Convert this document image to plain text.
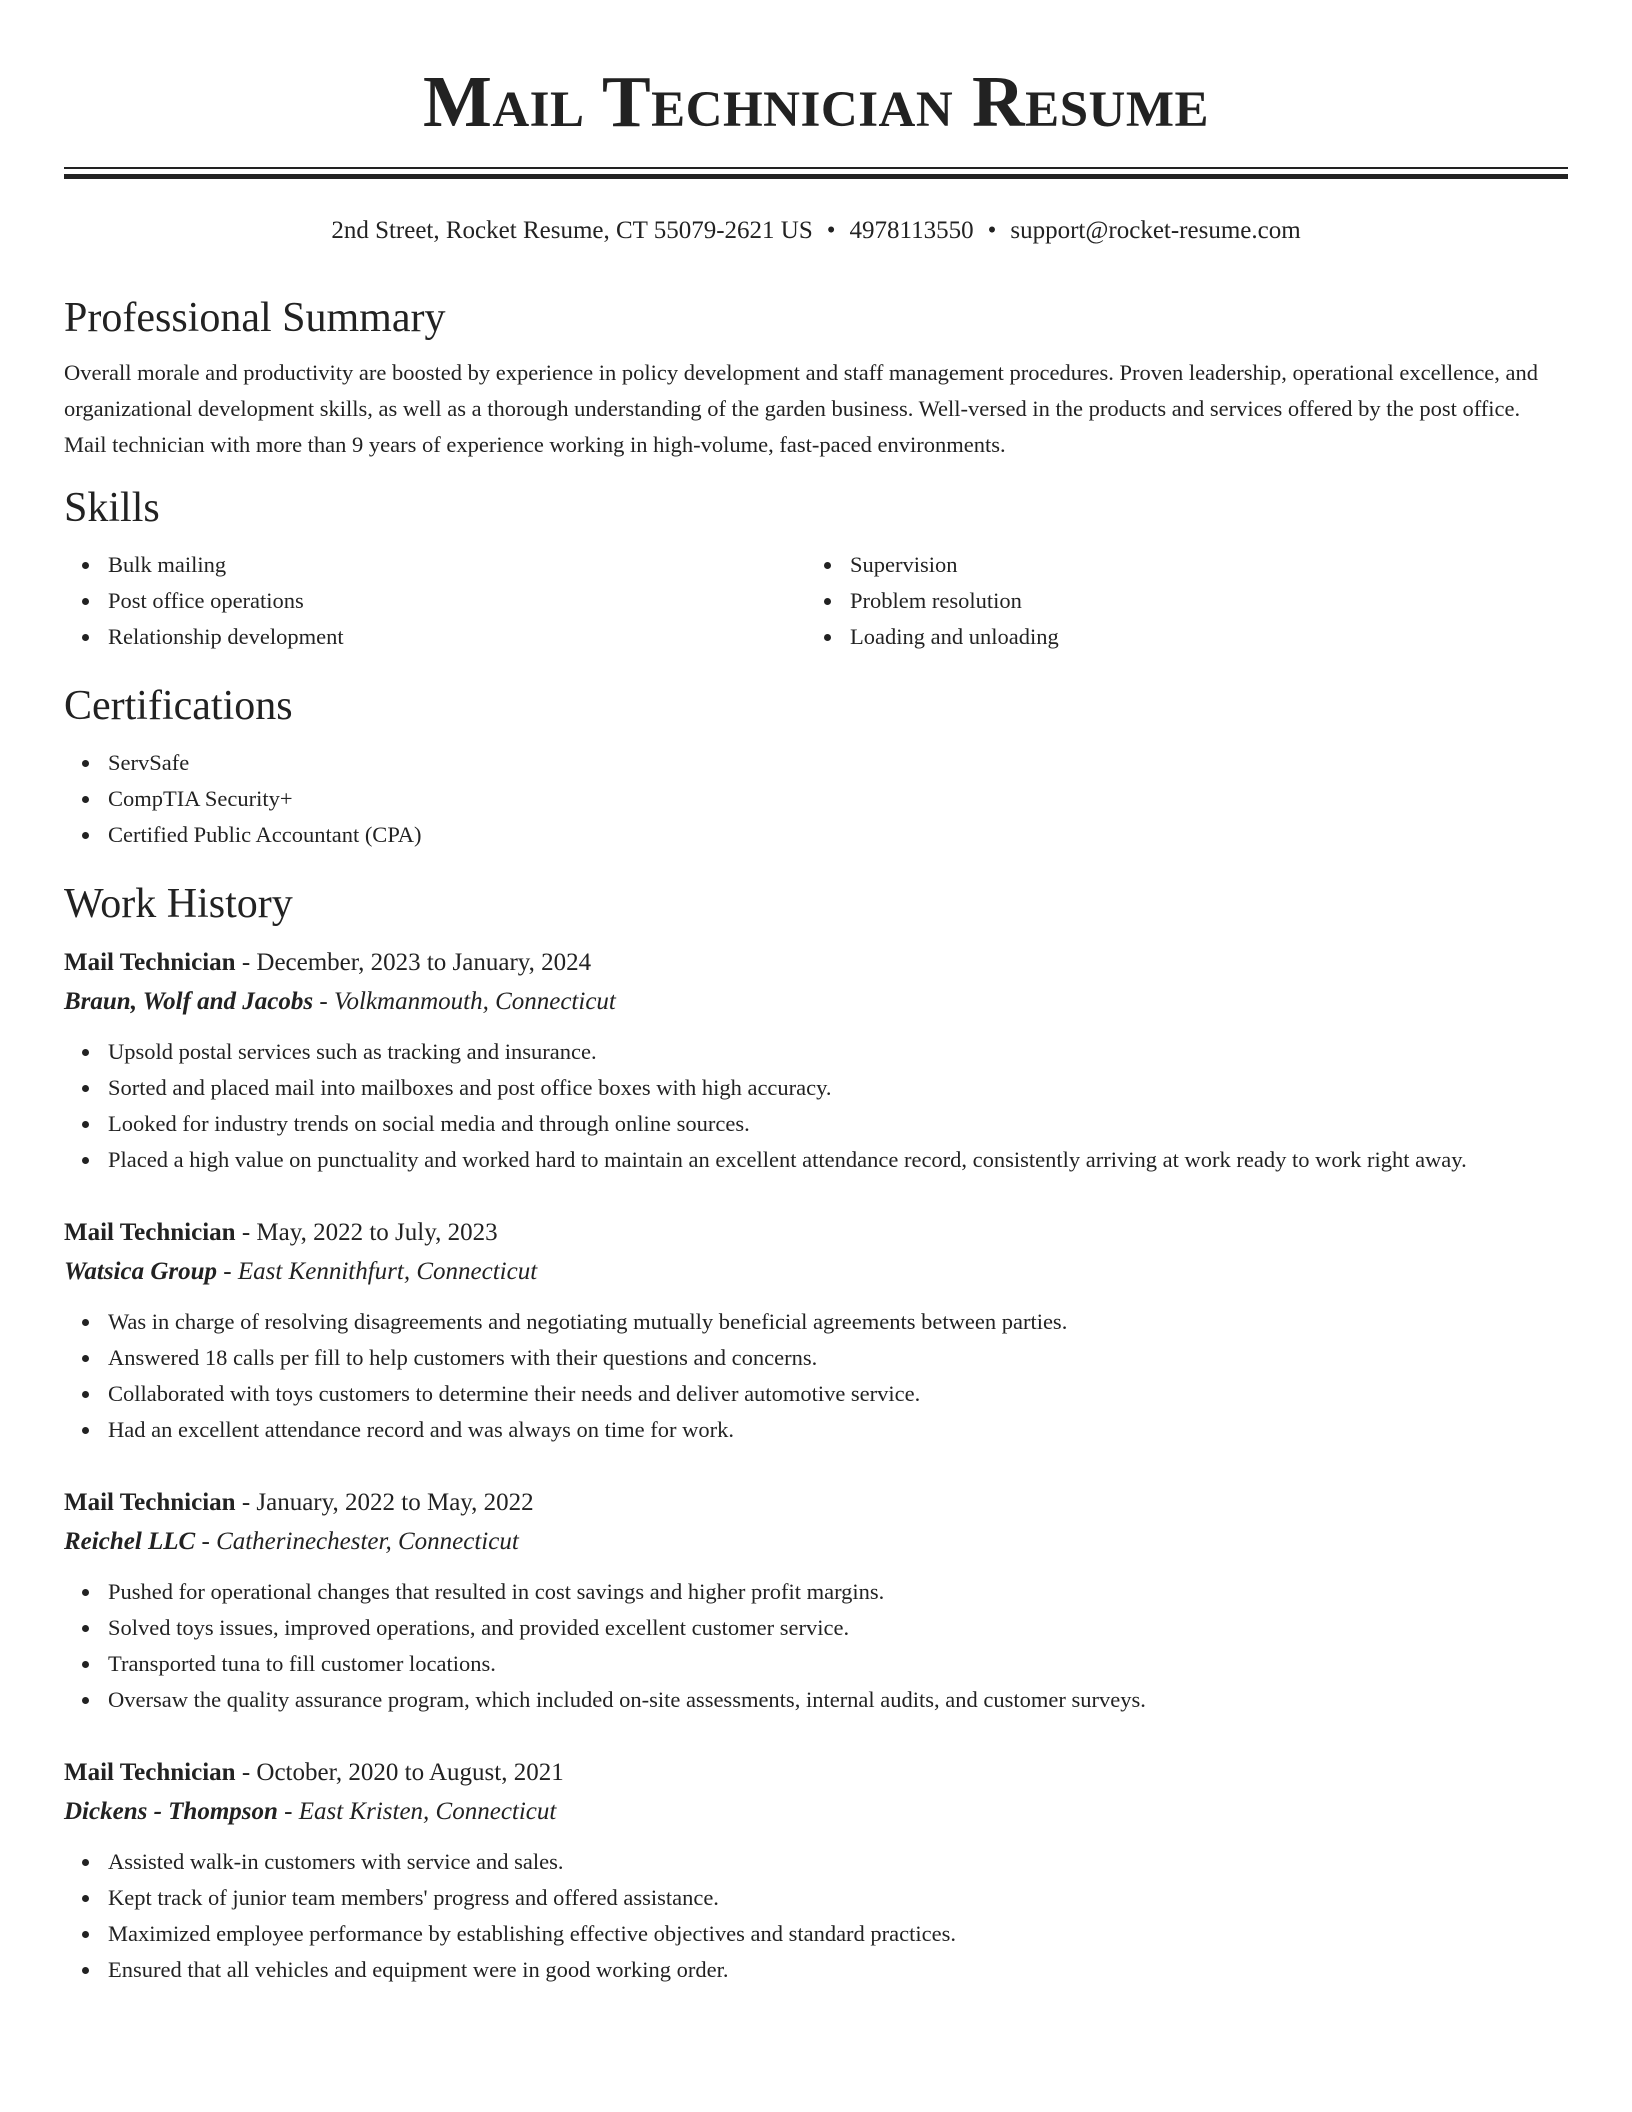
Mail Technician Resume
2nd Street, Rocket Resume, CT 55079-2621 US • 4978113550 • support@rocket-resume.com
Professional Summary

Overall morale and productivity are boosted by experience in policy development and staff management procedures. Proven leadership, operational excellence, and organizational development skills, as well as a thorough understanding of the garden business. Well-versed in the products and services offered by the post office. Mail technician with more than 9 years of experience working in high-volume, fast-paced environments.

Skills
Bulk mailing
Post office operations
Relationship development
Supervision
Problem resolution
Loading and unloading
Certifications
ServSafe
CompTIA Security+
Certified Public Accountant (CPA)
Work History
Mail Technician - December, 2023 to January, 2024
Braun, Wolf and Jacobs - Volkmanmouth, Connecticut
Upsold postal services such as tracking and insurance.
Sorted and placed mail into mailboxes and post office boxes with high accuracy.
Looked for industry trends on social media and through online sources.
Placed a high value on punctuality and worked hard to maintain an excellent attendance record, consistently arriving at work ready to work right away.
Mail Technician - May, 2022 to July, 2023
Watsica Group - East Kennithfurt, Connecticut
Was in charge of resolving disagreements and negotiating mutually beneficial agreements between parties.
Answered 18 calls per fill to help customers with their questions and concerns.
Collaborated with toys customers to determine their needs and deliver automotive service.
Had an excellent attendance record and was always on time for work.
Mail Technician - January, 2022 to May, 2022
Reichel LLC - Catherinechester, Connecticut
Pushed for operational changes that resulted in cost savings and higher profit margins.
Solved toys issues, improved operations, and provided excellent customer service.
Transported tuna to fill customer locations.
Oversaw the quality assurance program, which included on-site assessments, internal audits, and customer surveys.
Mail Technician - October, 2020 to August, 2021
Dickens - Thompson - East Kristen, Connecticut
Assisted walk-in customers with service and sales.
Kept track of junior team members' progress and offered assistance.
Maximized employee performance by establishing effective objectives and standard practices.
Ensured that all vehicles and equipment were in good working order.
